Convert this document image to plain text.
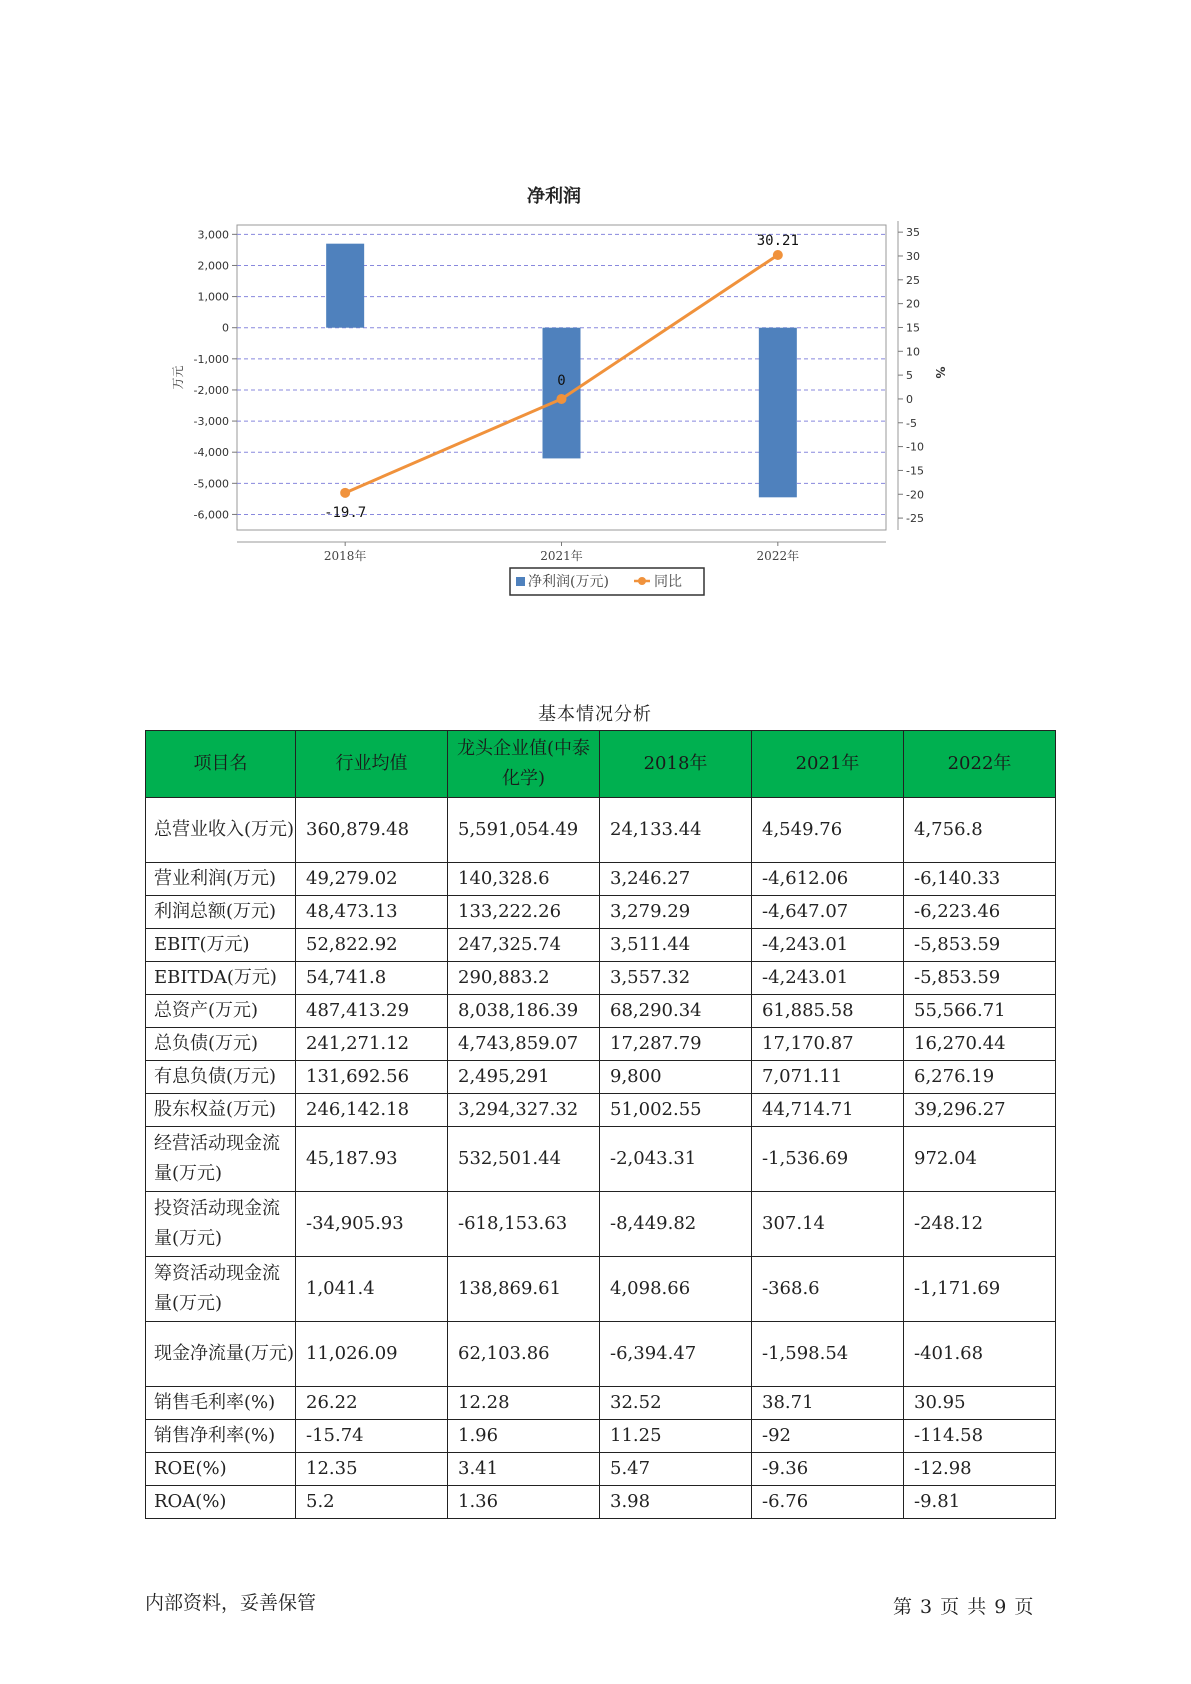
净利润
3,000
2,000
1,000
0
-1,000
-2,000
-3,000
-4,000
-5,000
-6,000
35
30
25
20
15
10
5
0
-5
-10
-15
-20
-25
万元	%
2018年	2021年	2022年
-19.7
0
30.21
净利润(万元)	同比
基本情况分析
项目名	行业均值	龙头企业值(中泰化学)	2018年	2021年	2022年
总营业收入(万元)	360,879.48	5,591,054.49	24,133.44	4,549.76	4,756.8
营业利润(万元)	49,279.02	140,328.6	3,246.27	-4,612.06	-6,140.33
利润总额(万元)	48,473.13	133,222.26	3,279.29	-4,647.07	-6,223.46
EBIT(万元)	52,822.92	247,325.74	3,511.44	-4,243.01	-5,853.59
EBITDA(万元)	54,741.8	290,883.2	3,557.32	-4,243.01	-5,853.59
总资产(万元)	487,413.29	8,038,186.39	68,290.34	61,885.58	55,566.71
总负债(万元)	241,271.12	4,743,859.07	17,287.79	17,170.87	16,270.44
有息负债(万元)	131,692.56	2,495,291	9,800	7,071.11	6,276.19
股东权益(万元)	246,142.18	3,294,327.32	51,002.55	44,714.71	39,296.27
经营活动现金流量(万元)	45,187.93	532,501.44	-2,043.31	-1,536.69	972.04
投资活动现金流量(万元)	-34,905.93	-618,153.63	-8,449.82	307.14	-248.12
筹资活动现金流量(万元)	1,041.4	138,869.61	4,098.66	-368.6	-1,171.69
现金净流量(万元)	11,026.09	62,103.86	-6,394.47	-1,598.54	-401.68
销售毛利率(%)	26.22	12.28	32.52	38.71	30.95
销售净利率(%)	-15.74	1.96	11.25	-92	-114.58
ROE(%)	12.35	3.41	5.47	-9.36	-12.98
ROA(%)	5.2	1.36	3.98	-6.76	-9.81
内部资料，妥善保管	第 3 页 共 9 页
